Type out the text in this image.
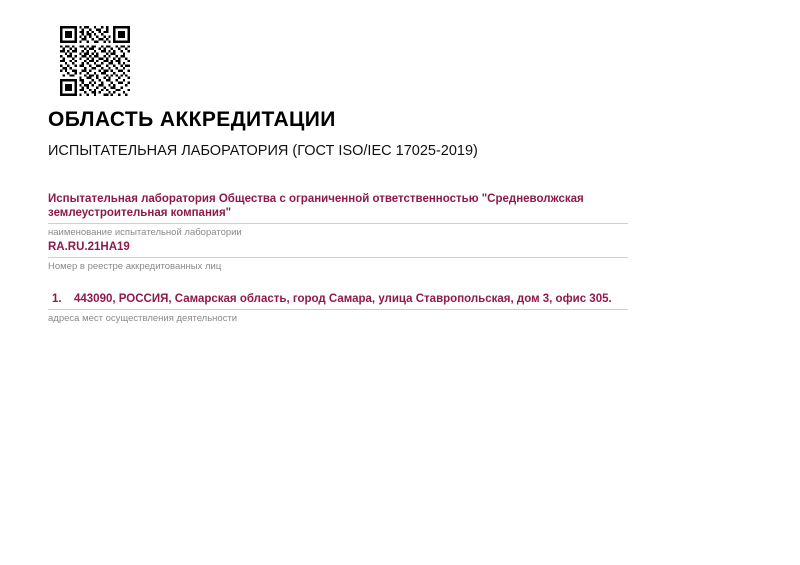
ОБЛАСТЬ АККРЕДИТАЦИИ
ИСПЫТАТЕЛЬНАЯ ЛАБОРАТОРИЯ (ГОСТ ISO/IEC 17025-2019)
Испытательная лаборатория Общества с ограниченной ответственностью "Средневолжская землеустроительная компания"
наименование испытательной лаборатории
RA.RU.21НА19
Номер в реестре аккредитованных лиц
1.	443090, РОССИЯ, Самарская область, город Самара, улица Ставропольская, дом 3, офис 305.
адреса мест осуществления деятельности
